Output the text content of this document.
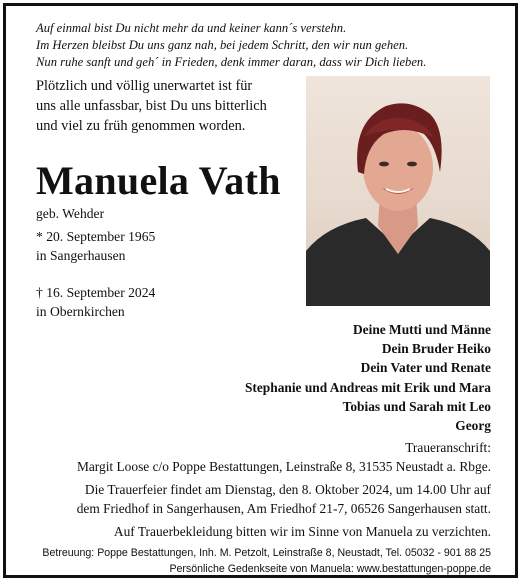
Auf einmal bist Du nicht mehr da und keiner kann´s verstehn.
Im Herzen bleibst Du uns ganz nah, bei jedem Schritt, den wir nun gehen.
Nun ruhe sanft und geh´ in Frieden, denk immer daran, dass wir Dich lieben.
Plötzlich und völlig unerwartet ist für
uns alle unfassbar, bist Du uns bitterlich
und viel zu früh genommen worden.
Manuela Vath
geb. Wehder
* 20. September 1965
in Sangerhausen
† 16. September 2024
in Obernkirchen
Deine Mutti und Männe
Dein Bruder Heiko
Dein Vater und Renate
Stephanie und Andreas mit Erik und Mara
Tobias und Sarah mit Leo
Georg
Traueranschrift:
Margit Loose c/o Poppe Bestattungen, Leinstraße 8, 31535 Neustadt a. Rbge.
Die Trauerfeier findet am Dienstag, den 8. Oktober 2024, um 14.00 Uhr auf
dem Friedhof in Sangerhausen, Am Friedhof 21-7, 06526 Sangerhausen statt.
Auf Trauerbekleidung bitten wir im Sinne von Manuela zu verzichten.
Betreuung: Poppe Bestattungen, Inh. M. Petzolt, Leinstraße 8, Neustadt, Tel. 05032 - 901 88 25
Persönliche Gedenkseite von Manuela: www.bestattungen-poppe.de
